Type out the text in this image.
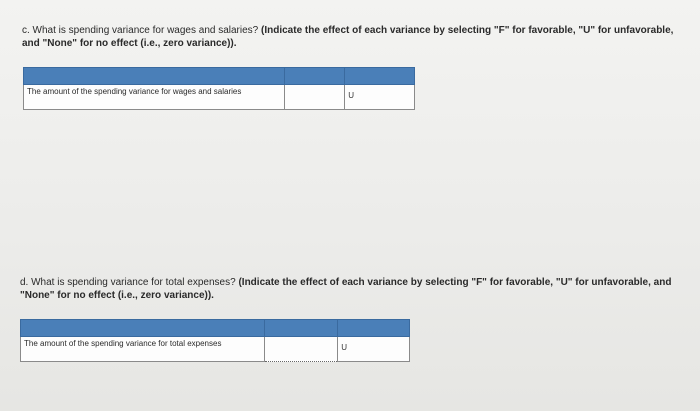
c. What is spending variance for wages and salaries? (Indicate the effect of each variance by selecting "F" for favorable, "U" for unfavorable, and "None" for no effect (i.e., zero variance)).

The amount of the spending variance for wages and salaries		U
d. What is spending variance for total expenses? (Indicate the effect of each variance by selecting "F" for favorable, "U" for unfavorable, and "None" for no effect (i.e., zero variance)).

The amount of the spending variance for total expenses		U
